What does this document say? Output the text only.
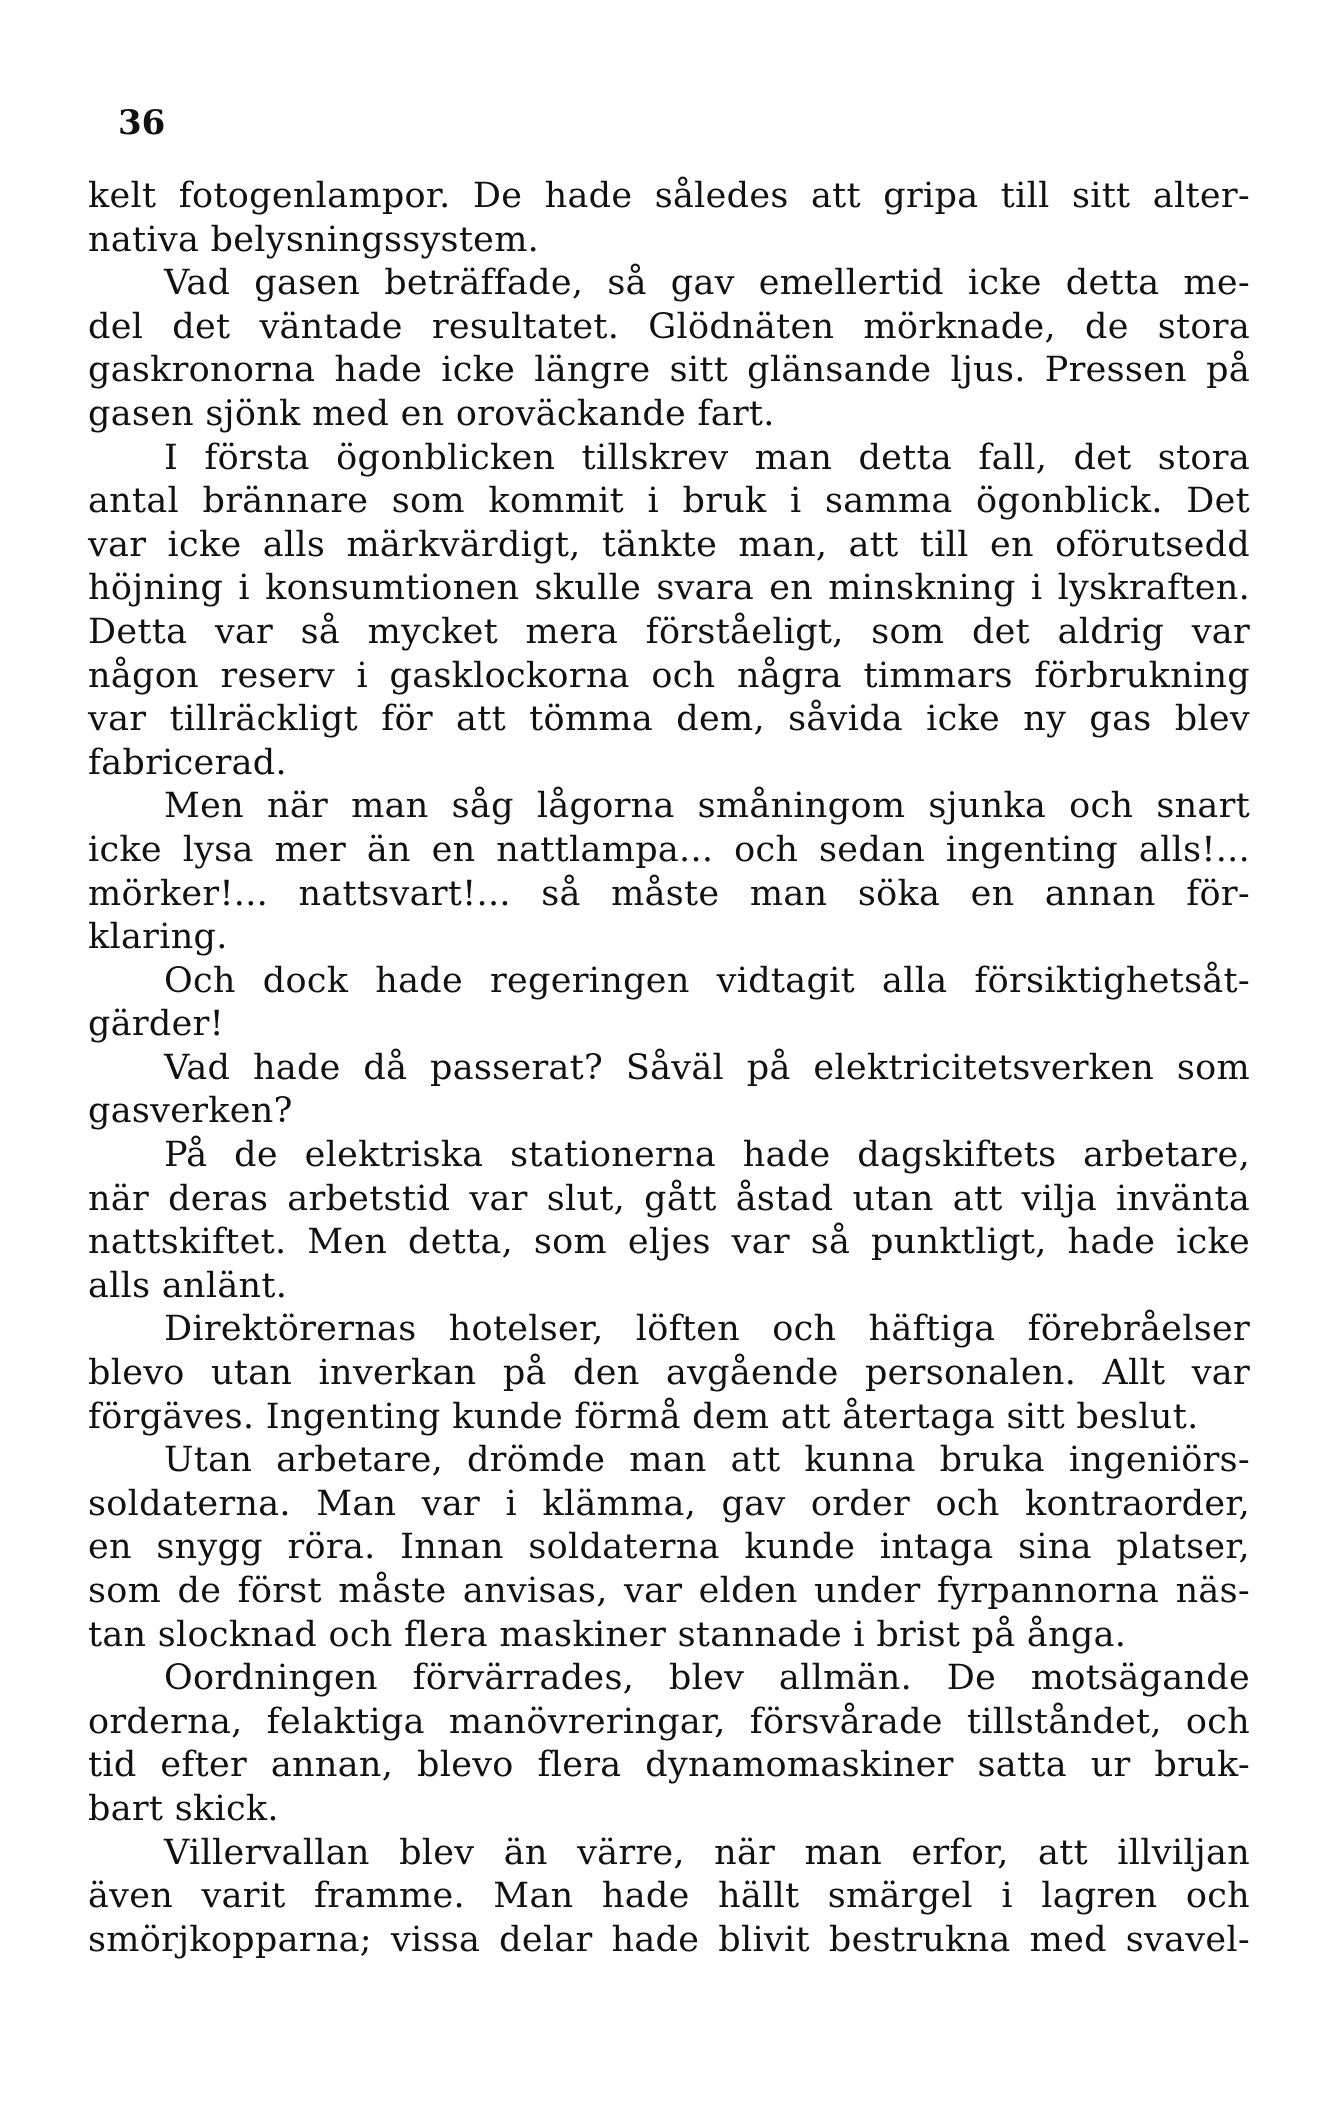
36
kelt fotogenlampor. De hade således att gripa till sitt alter-
nativa belysningssystem.
Vad gasen beträffade, så gav emellertid icke detta me-
del det väntade resultatet. Glödnäten mörknade, de stora
gaskronorna hade icke längre sitt glänsande ljus. Pressen på
gasen sjönk med en oroväckande fart.
I första ögonblicken tillskrev man detta fall, det stora
antal brännare som kommit i bruk i samma ögonblick. Det
var icke alls märkvärdigt, tänkte man, att till en oförutsedd
höjning i konsumtionen skulle svara en minskning i lyskraften.
Detta var så mycket mera förståeligt, som det aldrig var
någon reserv i gasklockorna och några timmars förbrukning
var tillräckligt för att tömma dem, såvida icke ny gas blev
fabricerad.
Men när man såg lågorna småningom sjunka och snart
icke lysa mer än en nattlampa... och sedan ingenting alls!...
mörker!... nattsvart!... så måste man söka en annan för-
klaring.
Och dock hade regeringen vidtagit alla försiktighetsåt-
gärder!
Vad hade då passerat? Såväl på elektricitetsverken som
gasverken?
På de elektriska stationerna hade dagskiftets arbetare,
när deras arbetstid var slut, gått åstad utan att vilja invänta
nattskiftet. Men detta, som eljes var så punktligt, hade icke
alls anlänt.
Direktörernas hotelser, löften och häftiga förebråelser
blevo utan inverkan på den avgående personalen. Allt var
förgäves. Ingenting kunde förmå dem att återtaga sitt beslut.
Utan arbetare, drömde man att kunna bruka ingeniörs-
soldaterna. Man var i klämma, gav order och kontraorder,
en snygg röra. Innan soldaterna kunde intaga sina platser,
som de först måste anvisas, var elden under fyrpannorna näs-
tan slocknad och flera maskiner stannade i brist på ånga.
Oordningen förvärrades, blev allmän. De motsägande
orderna, felaktiga manövreringar, försvårade tillståndet, och
tid efter annan, blevo flera dynamomaskiner satta ur bruk-
bart skick.
Villervallan blev än värre, när man erfor, att illviljan
även varit framme. Man hade hällt smärgel i lagren och
smörjkopparna; vissa delar hade blivit bestrukna med svavel-
